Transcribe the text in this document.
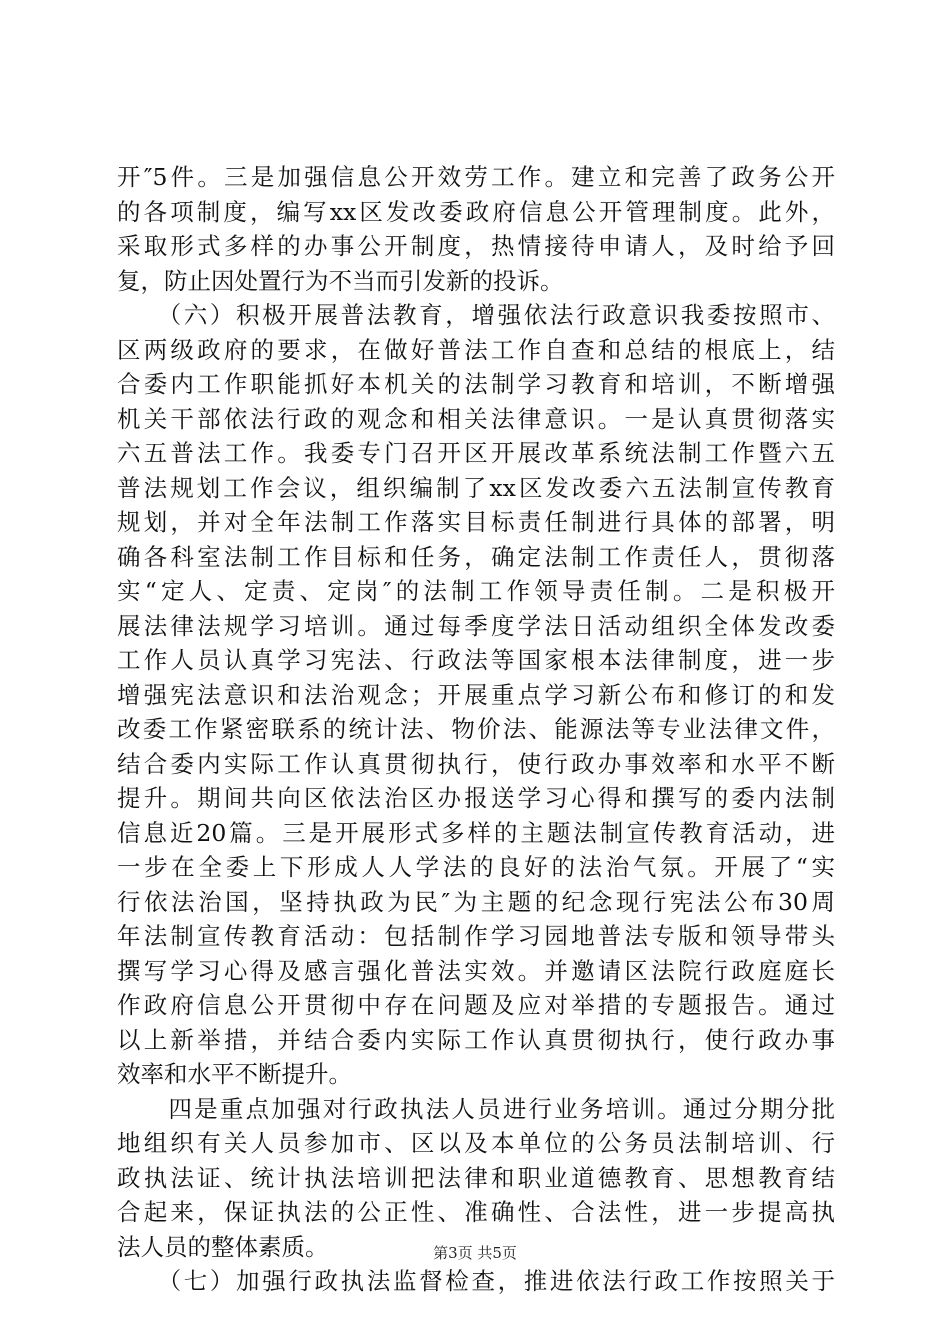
开″5件。三是加强信息公开效劳工作。建立和完善了政务公开
的各项制度，编写xx区发改委政府信息公开管理制度。此外，
采取形式多样的办事公开制度，热情接待申请人，及时给予回
复，防止因处置行为不当而引发新的投诉。
　　（六）积极开展普法教育，增强依法行政意识我委按照市、
区两级政府的要求，在做好普法工作自查和总结的根底上，结
合委内工作职能抓好本机关的法制学习教育和培训，不断增强
机关干部依法行政的观念和相关法律意识。一是认真贯彻落实
六五普法工作。我委专门召开区开展改革系统法制工作暨六五
普法规划工作会议，组织编制了xx区发改委六五法制宣传教育
规划，并对全年法制工作落实目标责任制进行具体的部署，明
确各科室法制工作目标和任务，确定法制工作责任人，贯彻落
实“定人、定责、定岗″的法制工作领导责任制。二是积极开
展法律法规学习培训。通过每季度学法日活动组织全体发改委
工作人员认真学习宪法、行政法等国家根本法律制度，进一步
增强宪法意识和法治观念；开展重点学习新公布和修订的和发
改委工作紧密联系的统计法、物价法、能源法等专业法律文件，
结合委内实际工作认真贯彻执行，使行政办事效率和水平不断
提升。期间共向区依法治区办报送学习心得和撰写的委内法制
信息近20篇。三是开展形式多样的主题法制宣传教育活动，进
一步在全委上下形成人人学法的良好的法治气氛。开展了“实
行依法治国，坚持执政为民″为主题的纪念现行宪法公布30周
年法制宣传教育活动：包括制作学习园地普法专版和领导带头
撰写学习心得及感言强化普法实效。并邀请区法院行政庭庭长
作政府信息公开贯彻中存在问题及应对举措的专题报告。通过
以上新举措，并结合委内实际工作认真贯彻执行，使行政办事
效率和水平不断提升。
　　四是重点加强对行政执法人员进行业务培训。通过分期分批
地组织有关人员参加市、区以及本单位的公务员法制培训、行
政执法证、统计执法培训把法律和职业道德教育、思想教育结
合起来，保证执法的公正性、准确性、合法性，进一步提高执
法人员的整体素质。
　　（七）加强行政执法监督检查，推进依法行政工作按照关于
第3页 共5页
